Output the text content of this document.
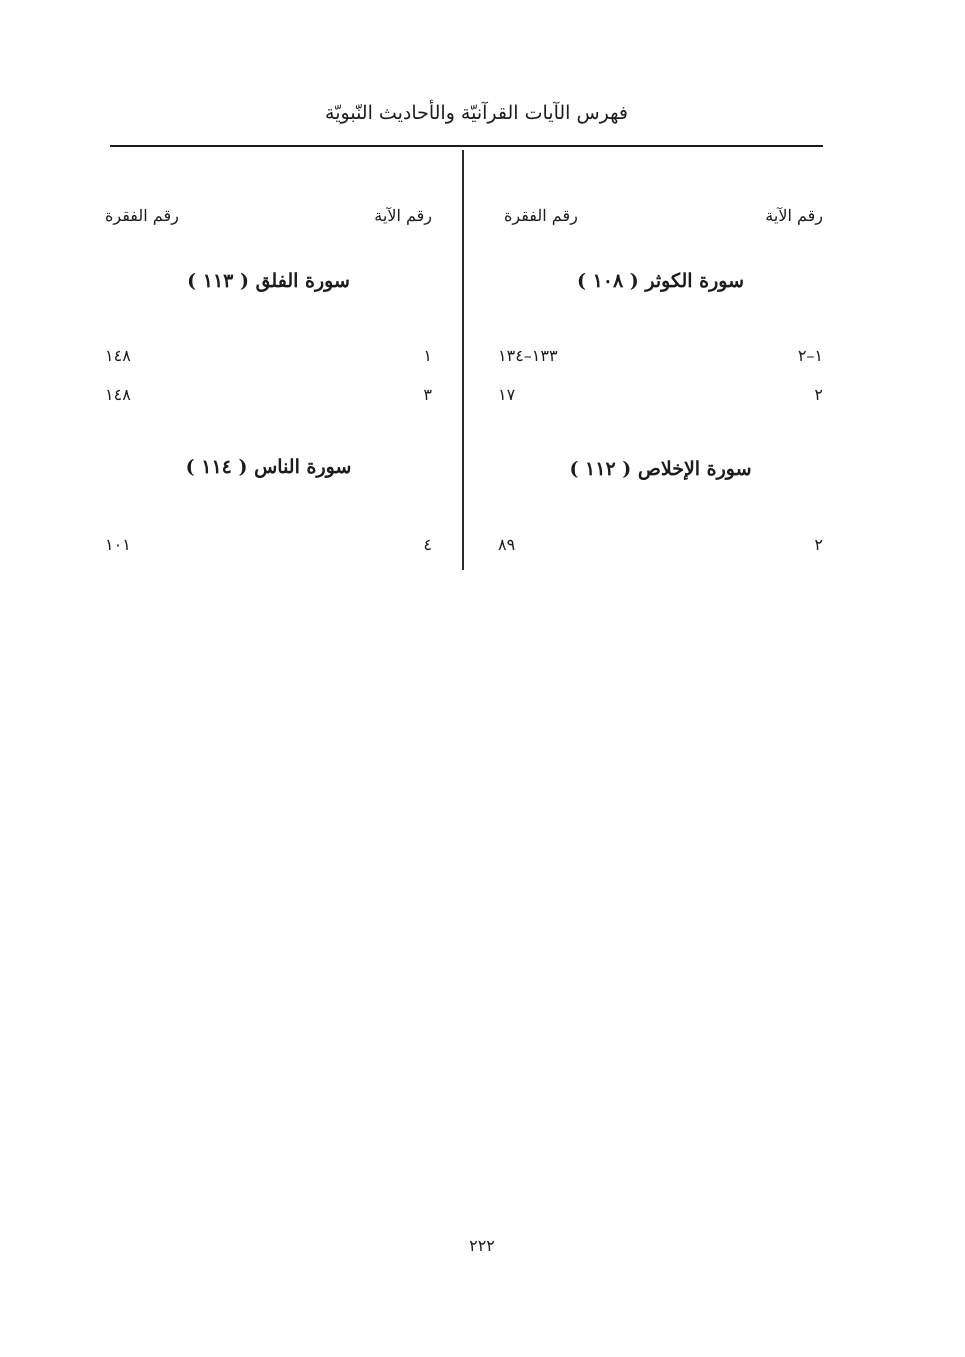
فهرس الآيات القرآنيّة والأحاديث النّبويّة
رقم الآية
رقم الفقرة
سورة الكوثر ( ١٠٨ )
١–٢
١٣٣–١٣٤
٢
١٧
سورة الإخلاص ( ١١٢ )
٢
٨٩
رقم الآية
رقم الفقرة
سورة الفلق ( ١١٣ )
١
١٤٨
٣
١٤٨
سورة الناس ( ١١٤ )
٤
١٠١
٢٢٢
